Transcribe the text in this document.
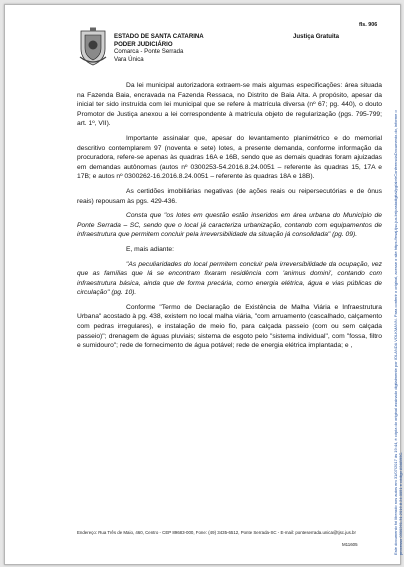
fls. 906
ESTADO DE SANTA CATARINA
PODER JUDICIÁRIO
Comarca - Ponte Serrada
Vara Única
Justiça Gratuita

Da lei municipal autorizadora extraem-se mais algumas especificações: área situada na Fazenda Baia, encravada na Fazenda Ressaca, no Distrito de Baia Alta. A propósito, apesar da inicial ter sido instruída com lei municipal que se refere à matrícula diversa (nº 67; pg. 440), o douto Promotor de Justiça anexou a lei correspondente à matrícula objeto de regularização (pgs. 795-799; art. 1º, VII).

Importante assinalar que, apesar do levantamento planimétrico e do memorial descritivo contemplarem 97 (noventa e sete) lotes, a presente demanda, conforme informação da procuradora, refere-se apenas às quadras 16A e 16B, sendo que as demais quadras foram ajuizadas em demandas autônomas (autos nº 0300253-54.2016.8.24.0051 – referente às quadras 15, 17A e 17B; e autos nº 0300262-16.2016.8.24.0051 – referente às quadras 18A e 18B).

As certidões imobiliárias negativas (de ações reais ou reipersecutórias e de ônus reais) repousam às pgs. 429-436.

Consta que "os lotes em questão estão inseridos em área urbana do Município de Ponte Serrada – SC, sendo que o local já caracteriza urbanização, contando com equipamentos de infraestrutura que permitem concluir pela irreversibilidade da situação já consolidada" (pg. 09).

E, mais adiante:

"As peculiaridades do local permitem concluir pela irreversibilidade da ocupação, vez que as famílias que lá se encontram fixaram residência com 'animus domini', contando com infraestrutura básica, ainda que de forma precária, como energia elétrica, água e vias públicas de circulação" (pg. 10).

Conforme "Termo de Declaração de Existência de Malha Viária e Infraestrutura Urbana" acostado à pg. 438, existem no local malha viária, "com arruamento (cascalhado, calçamento com pedras irregulares), e instalação de meio fio, para calçada passeio (com ou sem calçada passeio)"; drenagem de águas pluviais; sistema de esgoto pelo "sistema individual", com "fossa, filtro e sumidouro"; rede de fornecimento de água potável; rede de energia elétrica implantada; e ,

Endereço: Rua Três de Maio, 460, Centro - CEP 89683-000, Fone: (49) 3435-6512, Ponte Serrada-SC - E-mail: ponteserrada.unica@tjsc.jus.br
M11605	Este documento foi liberado nos autos em 31/07/2017 às 19:44, é cópia do original assinado digitalmente por IOLANDA VOLKMANN. Para conferir o original, acesse o site https://esaj.tjsc.jus.br/pastadigital/pg/abrirConferenciaDocumento.do, informe o processo 0300261-31.2016.8.24.0051 e código A9AB95C.
